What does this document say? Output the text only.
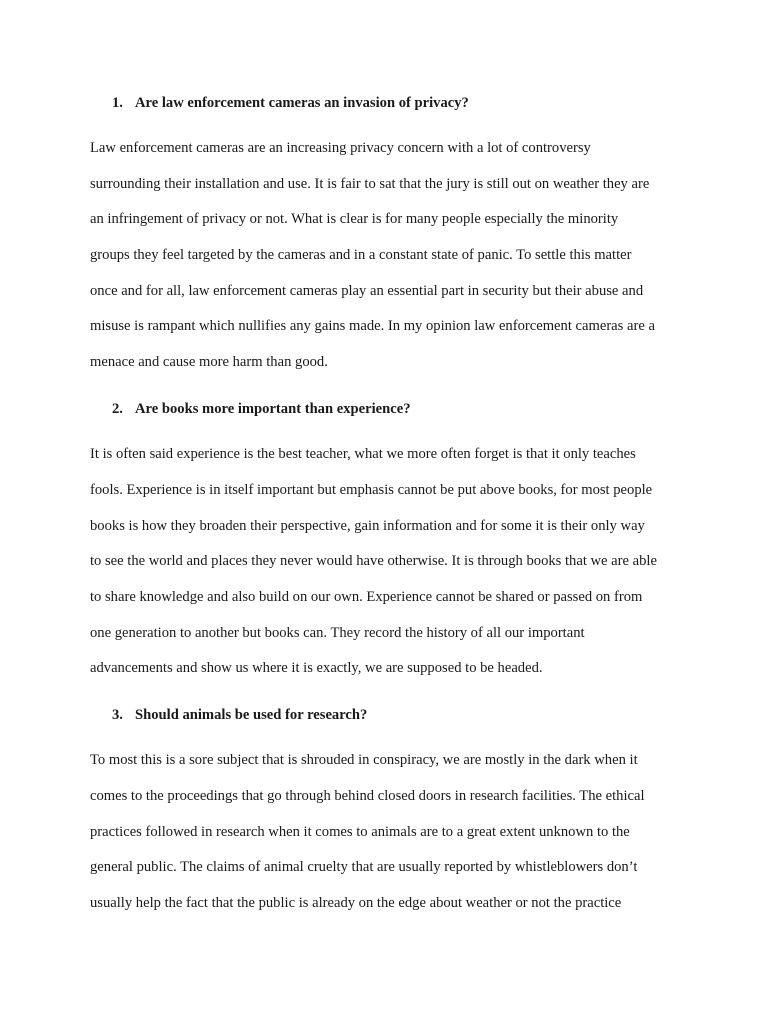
1. Are law enforcement cameras an invasion of privacy?
Law enforcement cameras are an increasing privacy concern with a lot of controversy
surrounding their installation and use. It is fair to sat that the jury is still out on weather they are
an infringement of privacy or not. What is clear is for many people especially the minority
groups they feel targeted by the cameras and in a constant state of panic. To settle this matter
once and for all, law enforcement cameras play an essential part in security but their abuse and
misuse is rampant which nullifies any gains made. In my opinion law enforcement cameras are a
menace and cause more harm than good.
2. Are books more important than experience?
It is often said experience is the best teacher, what we more often forget is that it only teaches
fools. Experience is in itself important but emphasis cannot be put above books, for most people
books is how they broaden their perspective, gain information and for some it is their only way
to see the world and places they never would have otherwise. It is through books that we are able
to share knowledge and also build on our own. Experience cannot be shared or passed on from
one generation to another but books can. They record the history of all our important
advancements and show us where it is exactly, we are supposed to be headed.
3. Should animals be used for research?
To most this is a sore subject that is shrouded in conspiracy, we are mostly in the dark when it
comes to the proceedings that go through behind closed doors in research facilities. The ethical
practices followed in research when it comes to animals are to a great extent unknown to the
general public. The claims of animal cruelty that are usually reported by whistleblowers don’t
usually help the fact that the public is already on the edge about weather or not the practice
